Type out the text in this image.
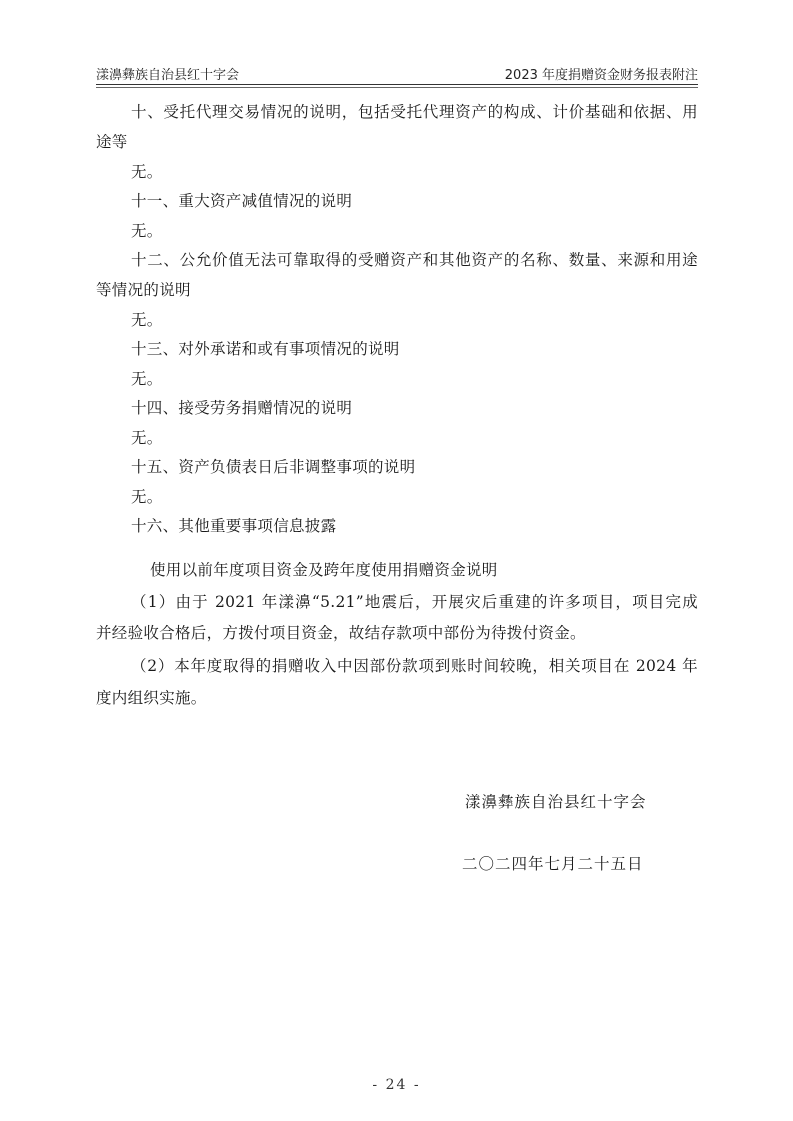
漾濞彝族自治县红十字会	2023 年度捐赠资金财务报表附注
十、受托代理交易情况的说明，包括受托代理资产的构成、计价基础和依据、用
途等
无。
十一、重大资产减值情况的说明
无。
十二、公允价值无法可靠取得的受赠资产和其他资产的名称、数量、来源和用途
等情况的说明
无。
十三、对外承诺和或有事项情况的说明
无。
十四、接受劳务捐赠情况的说明
无。
十五、资产负债表日后非调整事项的说明
无。
十六、其他重要事项信息披露
使用以前年度项目资金及跨年度使用捐赠资金说明
（1）由于 2021 年漾濞“5.21”地震后，开展灾后重建的许多项目，项目完成
并经验收合格后，方拨付项目资金，故结存款项中部份为待拨付资金。
（2）本年度取得的捐赠收入中因部份款项到账时间较晚，相关项目在 2024 年
度内组织实施。
漾濞彝族自治县红十字会
二〇二四年七月二十五日
- 24 -
